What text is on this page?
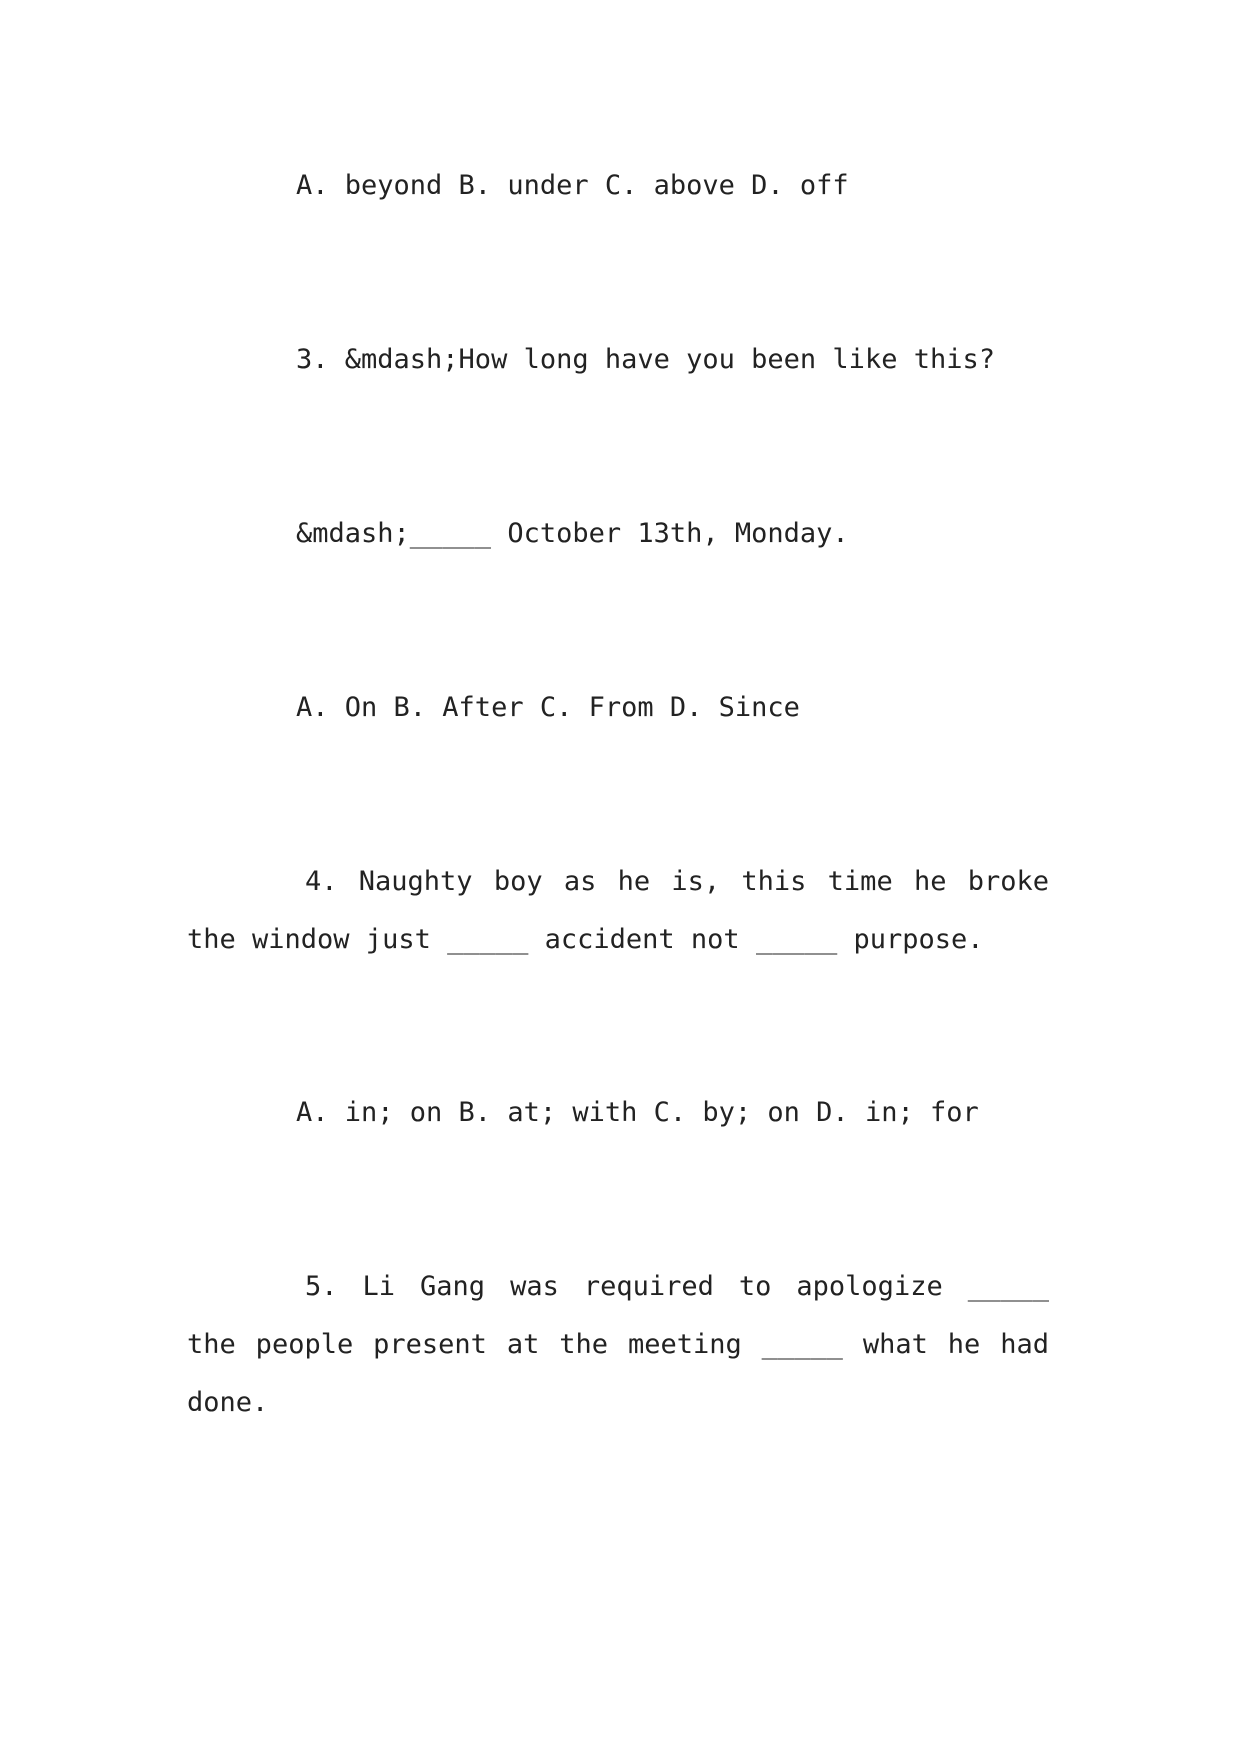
A. beyond B. under C. above D. off
3. &mdash;How long have you been like this?
&mdash;_____ October 13th, Monday.
A. On B. After C. From D. Since
4. Naughty boy as he is, this time he broke the window just _____ accident not _____ purpose.
A. in; on B. at; with C. by; on D. in; for
5. Li Gang was required to apologize _____ the people present at the meeting _____ what he had done.
